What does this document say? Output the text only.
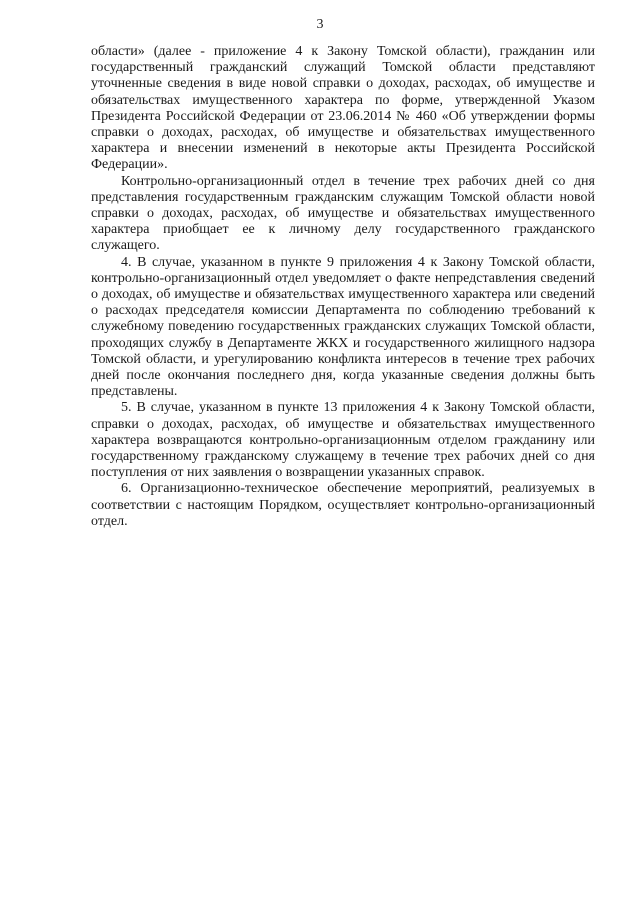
3

области» (далее - приложение 4 к Закону Томской области), гражданин или государственный гражданский служащий Томской области представляют уточненные сведения в виде новой справки о доходах, расходах, об имуществе и обязательствах имущественного характера по форме, утвержденной Указом Президента Российской Федерации от 23.06.2014 № 460 «Об утверждении формы справки о доходах, расходах, об имуществе и обязательствах имущественного характера и внесении изменений в некоторые акты Президента Российской Федерации».

Контрольно-организационный отдел в течение трех рабочих дней со дня представления государственным гражданским служащим Томской области новой справки о доходах, расходах, об имуществе и обязательствах имущественного характера приобщает ее к личному делу государственного гражданского служащего.

4. В случае, указанном в пункте 9 приложения 4 к Закону Томской области, контрольно-организационный отдел уведомляет о факте непредставления сведений о доходах, об имуществе и обязательствах имущественного характера или сведений о расходах председателя комиссии Департамента по соблюдению требований к служебному поведению государственных гражданских служащих Томской области, проходящих службу в Департаменте ЖКХ и государственного жилищного надзора Томской области, и урегулированию конфликта интересов в течение трех рабочих дней после окончания последнего дня, когда указанные сведения должны быть представлены.

5. В случае, указанном в пункте 13 приложения 4 к Закону Томской области, справки о доходах, расходах, об имуществе и обязательствах имущественного характера возвращаются контрольно-организационным отделом гражданину или государственному гражданскому служащему в течение трех рабочих дней со дня поступления от них заявления о возвращении указанных справок.

6. Организационно-техническое обеспечение мероприятий, реализуемых в соответствии с настоящим Порядком, осуществляет контрольно-организационный отдел.
